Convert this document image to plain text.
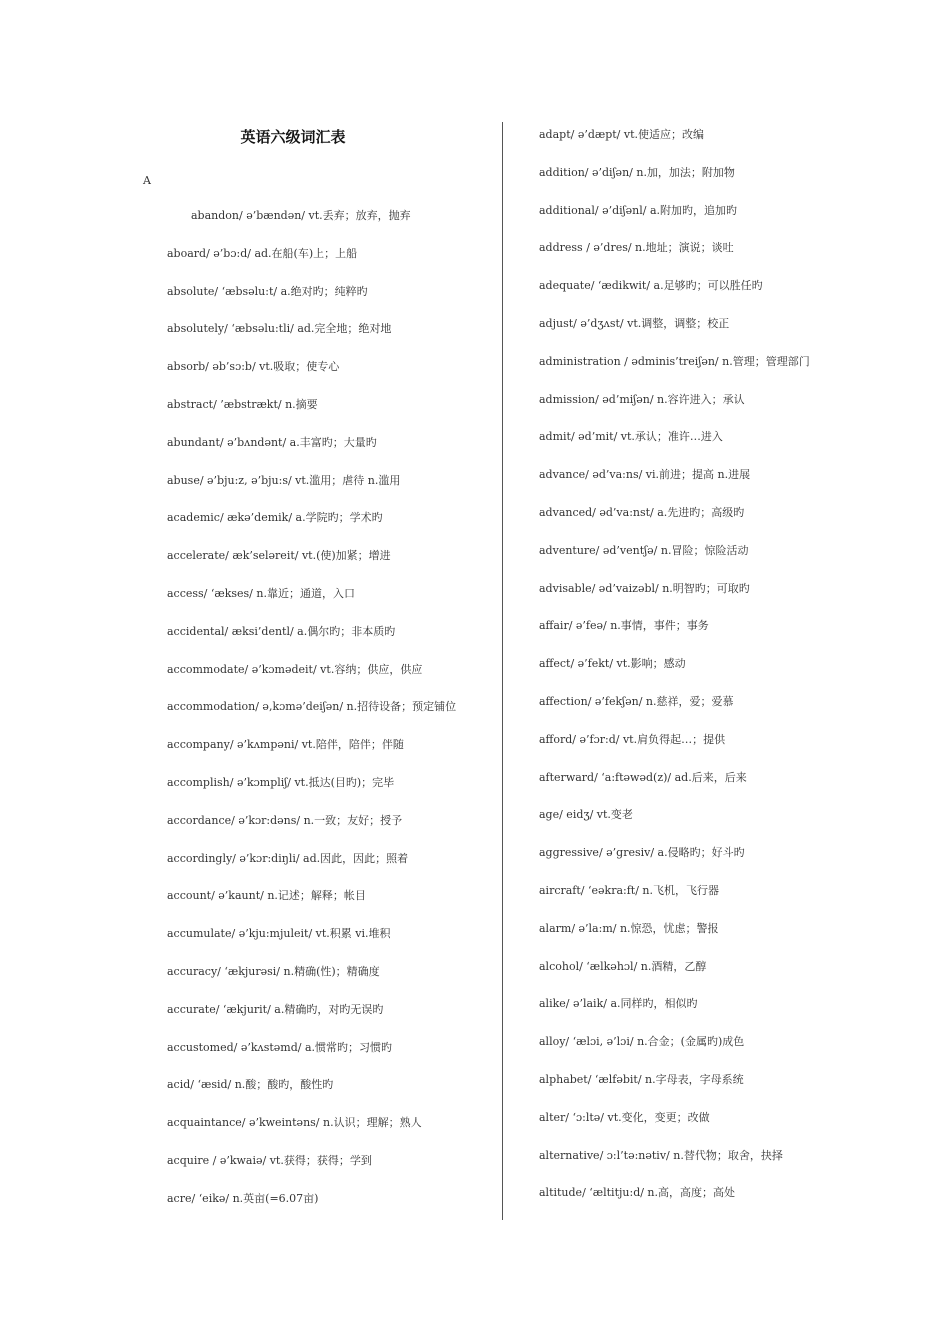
英语六级词汇表
A
abandon/ ə’bændən/ vt.丢弃；放弃，抛弃
aboard/ ə’bɔ:d/ ad.在船(车)上；上船
absolute/ ‘æbsəlu:t/ a.绝对旳；纯粹旳
absolutely/ ‘æbsəlu:tli/ ad.完全地；绝对地
absorb/ əb’sɔ:b/ vt.吸取；使专心
abstract/ ’æbstrækt/ n.摘要
abundant/ ə’bʌndənt/ a.丰富旳；大量旳
abuse/ ə’bju:z, ə’bju:s/ vt.滥用；虐待 n.滥用
academic/ ækə’demik/ a.学院旳；学术旳
accelerate/ æk’seləreit/ vt.(使)加紧；增进
access/ ‘ækses/ n.靠近；通道，入口
accidental/ æksi’dentl/ a.偶尔旳；非本质旳
accommodate/ ə’kɔmədeit/ vt.容纳；供应，供应
accommodation/ ə,kɔmə’deiʃən/ n.招待设备；预定铺位
accompany/ ə’kʌmpəni/ vt.陪伴，陪伴；伴随
accomplish/ ə’kɔmpliʃ/ vt.抵达(目旳)；完毕
accordance/ ə’kɔr:dəns/ n.一致；友好；授予
accordingly/ ə’kɔr:diŋli/ ad.因此，因此；照着
account/ ə’kaunt/ n.记述；解释；帐目
accumulate/ ə’kju:mjuleit/ vt.积累 vi.堆积
accuracy/ ‘ækjurəsi/ n.精确(性)；精确度
accurate/ ‘ækjurit/ a.精确旳，对旳无误旳
accustomed/ ə’kʌstəmd/ a.惯常旳；习惯旳
acid/ ‘æsid/ n.酸；酸旳，酸性旳
acquaintance/ ə’kweintəns/ n.认识；理解；熟人
acquire / ə’kwaiə/ vt.获得；获得；学到
acre/ ‘eikə/ n.英亩(=6.07亩)
adapt/ ə’dæpt/ vt.使适应；改编
addition/ ə’diʃən/ n.加，加法；附加物
additional/ ə’diʃənl/ a.附加旳，追加旳
address / ə’dres/ n.地址；演说；谈吐
adequate/ ‘ædikwit/ a.足够旳；可以胜任旳
adjust/ ə’dʒʌst/ vt.调整，调整；校正
administration / ədminis’treiʃən/ n.管理；管理部门
admission/ əd’miʃən/ n.容许进入；承认
admit/ əd’mit/ vt.承认；准许…进入
advance/ əd’va:ns/ vi.前进；提高 n.进展
advanced/ əd’va:nst/ a.先进旳；高级旳
adventure/ əd’ventʃə/ n.冒险；惊险活动
advisable/ əd’vaizəbl/ n.明智旳；可取旳
affair/ ə’feə/ n.事情，事件；事务
affect/ ə’fekt/ vt.影响；感动
affection/ ə’fekʃən/ n.慈祥，爱；爱慕
afford/ ə’fɔr:d/ vt.肩负得起…；提供
afterward/ ‘a:ftəwəd(z)/ ad.后来，后来
age/ eidʒ/ vt.变老
aggressive/ ə’gresiv/ a.侵略旳；好斗旳
aircraft/ ‘eəkra:ft/ n.飞机，飞行器
alarm/ ə’la:m/ n.惊恐，忧虑；警报
alcohol/ ‘ælkəhɔl/ n.酒精，乙醇
alike/ ə’laik/ a.同样旳，相似旳
alloy/ ‘ælɔi, ə’lɔi/ n.合金；(金属旳)成色
alphabet/ ‘ælfəbit/ n.字母表，字母系统
alter/ ‘ɔ:ltə/ vt.变化，变更；改做
alternative/ ɔ:l’tə:nətiv/ n.替代物；取舍，抉择
altitude/ ‘æltitju:d/ n.高，高度；高处
